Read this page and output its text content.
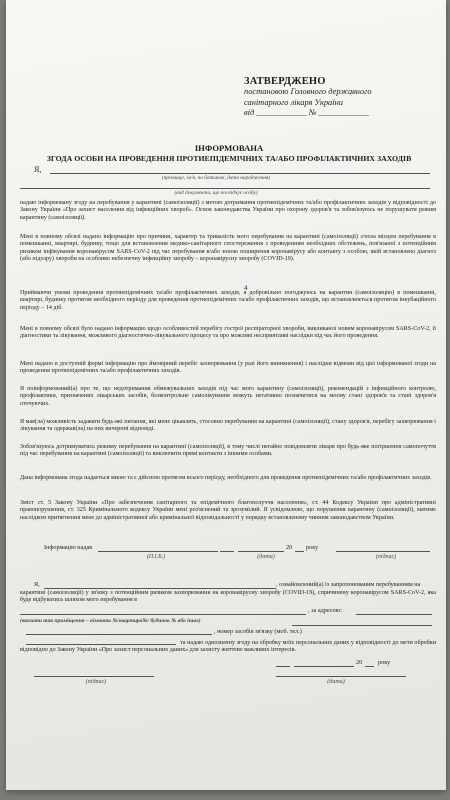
ЗАТВЕРДЖЕНО
постановою Головного державного
санітарного лікаря України
від ____________ № ____________
ІНФОРМОВАНА
ЗГОДА ОСОБИ НА ПРОВЕДЕННЯ ПРОТИЕПІДЕМІЧНИХ ТА/АБО ПРОФІЛАКТИЧНИХ ЗАХОДІВ
Я,
(прізвище, ім'я, по батькові, дата народження)
(вид документа, що посвідчує особу)
надаю інформовану згоду на перебування у карантині (самоізоляції) з метою дотримання протиепідемічних та/або профілактичних заходів у відповідності до Закону України «Про захист населення від інфекційних хвороб». Основ законодавства України про охорону здоров'я та зобов'язуюсь не порушувати режим карантину (самоізоляції).
Мені в повному обсязі надано інформацію про причини, характер та тривалість мого перебування на карантині (самоізоляції) з/поза місцем перебування в помешканні, квартирі, будинку, тощо для встановлення медико-санітарного спостереження з проведенням необхідних обстежень, пов'язаної з потенційним ризиком інфікування коронавірусом SARS-CoV-2 під час перебування в/або зоною поширення коронавірусу або контакту з особою, якій встановлено діагноз (або підозру) хвороби на особливо небезпечну інфекційну хворобу – коронавірусну хворобу (COVID-19).
Приймаючи умови проведення протиепідемічних та/або профілактичних заходів, я добровільно погоджуюсь на карантин (самоізоляцію) в помешканні, квартирі, будинку протягом необхідного періоду для проведення протиепідемічних та/або профілактичних заходів, що встановлюється протягом інкубаційного періоду – 14 діб.
4
Мені в повному обсязі було надано інформацію щодо особливостей перебігу гострої респіраторної хвороби, викликаної новим коронавірусом SARS-CoV-2, її діагностики та лікування, можливого діагностично-лікувального процесу та про можливі несприятливі наслідки під час його проведення.
Мені надано в доступній формі інформацію про ймовірний перебіг захворювання (у разі його виникнення) і наслідки відмови від цієї інформованої згоди на проведення протиепідемічних та/або профілактичних заходів.
Я поінформований(а) про те, що недотримання обмежувальних заходів під час мого карантину (самоізоляції), рекомендацій з інфекційного контролю, профілактики, призначених лікарських засобів, безконтрольне самолікування можуть негативно позначитися на моєму стані здоров'я та стані здоров'я оточуючих.
Я мав(ла) можливість задавати будь-які питання, які мене цікавлять, стосовно перебування на карантині (самоізоляції), стану здоров'я, перебігу захворювання і лікування та одержав(ла) на них вичерпні відповіді.
Зобов'язуюсь дотримуватись режиму перебування на карантині (самоізоляції), в тому числі негайно повідомляти лікаря про будь-яке погіршення самопочуття під час перебування на карантині (самоізоляції) та виключити прямі контакти з іншими особами.
Дана інформована згода надається мною та є дійсною протягом всього періоду, необхідного для проведення протиепідемічних та/або профілактичних заходів.
Зміст ст. 5 Закону України «Про забезпечення санітарного та епідемічного благополуччя населення», ст. 44 Кодексу України про адміністративні правопорушення, ст. 325 Кримінального кодексу України мені роз'яснений та зрозумілий. Я усвідомлюю, що порушення карантину (самоізоляції), матиме наслідком притягнення мене до адміністративної або кримінальної відповідальності у порядку встановленому чинним законодавством України.
Інформацію надав	20 року
(П.І.Б.)	(дата)	(підпис)
Я,	, ознайомлений(а) із запропонованим перебуванням на
карантині (самоізоляції) у зв'язку з потенційним ризиком захворювання на коронавірусну хворобу (COVID-19), спричинену коронавірусом SARS-CoV-2, яка буде відбуватись шляхом мого перебування в
, за адресою:
(вказати так приміщення – кімната №/квартира№/ будинок № або інше)
, номер засобів зв'язку (моб. тел.)
та надаю однозначну згоду на обробку моїх персональних даних у відповідності до мети обробки відповідно до Закону України «Про захист персональних даних» для захисту життєво важливих інтересів.
20	року
(підпис)	(дата)
